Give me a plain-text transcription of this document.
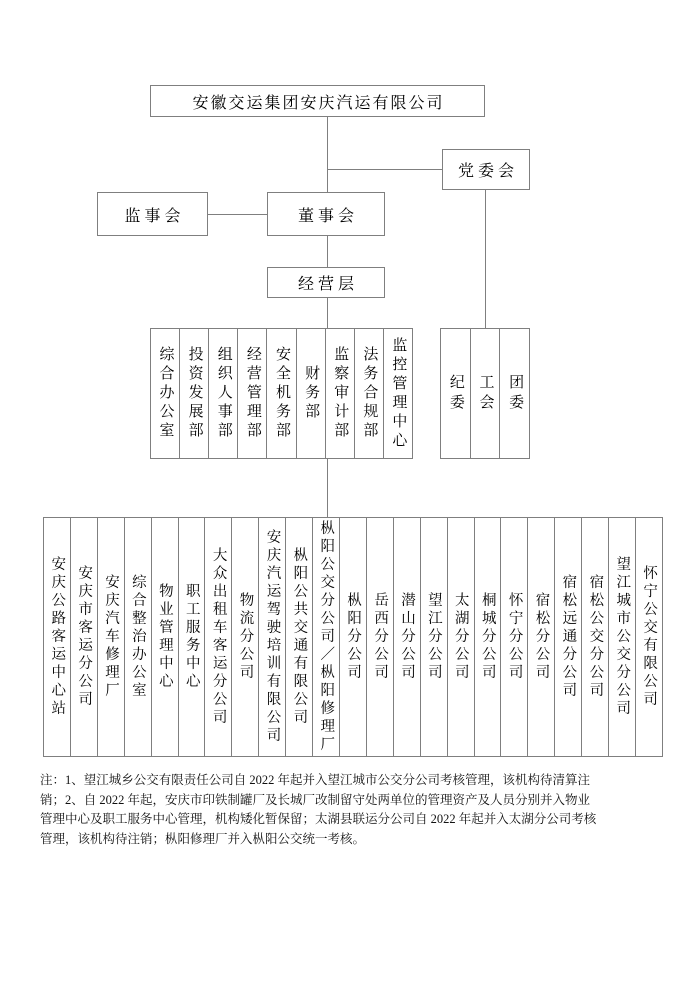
安徽交运集团安庆汽运有限公司
党委会
监事会	董事会
经营层
综合办公室 投资发展部 组织人事部 经营管理部 安全机务部 财务部 监察审计部 法务合规部 监控管理中心	纪委 工会 团委
安庆公路客运中心站 安庆市客运分公司 安庆汽车修理厂 综合整治办公室 物业管理中心 职工服务中心 大众出租车客运分公司 物流分公司 安庆汽运驾驶培训有限公司 枞阳公共交通有限公司 枞阳公交分公司／枞阳修理厂 枞阳分公司 岳西分公司 潜山分公司 望江分公司 太湖分公司 桐城分公司 怀宁分公司 宿松分公司 宿松远通分公司 宿松公交分公司 望江城市公交分公司 怀宁公交有限公司
注：1、望江城乡公交有限责任公司自 2022 年起并入望江城市公交分公司考核管理，该机构待清算注
销；2、自 2022 年起，安庆市印铁制罐厂及长城厂改制留守处两单位的管理资产及人员分别并入物业
管理中心及职工服务中心管理，机构矮化暂保留；太湖县联运分公司自 2022 年起并入太湖分公司考核
管理，该机构待注销；枞阳修理厂并入枞阳公交统一考核。
